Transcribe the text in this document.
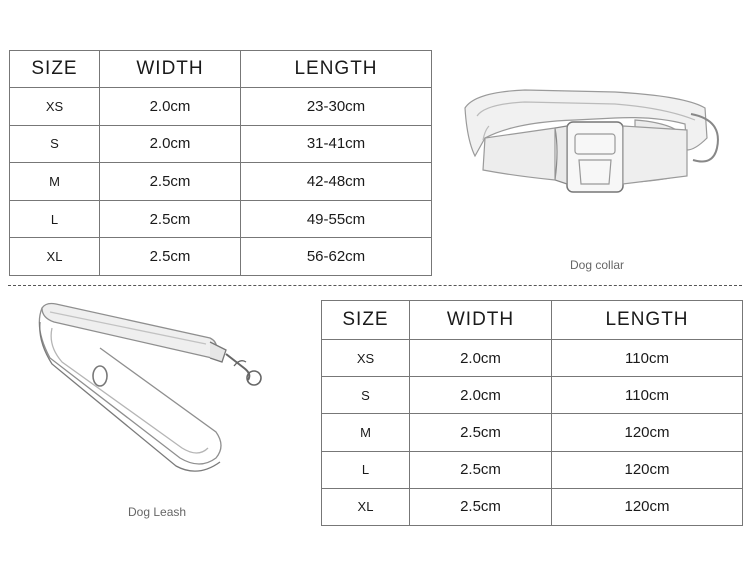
SIZE	WIDTH	LENGTH
XS	2.0cm	23-30cm
S	2.0cm	31-41cm
M	2.5cm	42-48cm
L	2.5cm	49-55cm
XL	2.5cm	56-62cm	Dog collar
Dog Leash
SIZE	WIDTH	LENGTH
XS	2.0cm	110cm
S	2.0cm	110cm
M	2.5cm	120cm
L	2.5cm	120cm
XL	2.5cm	120cm
